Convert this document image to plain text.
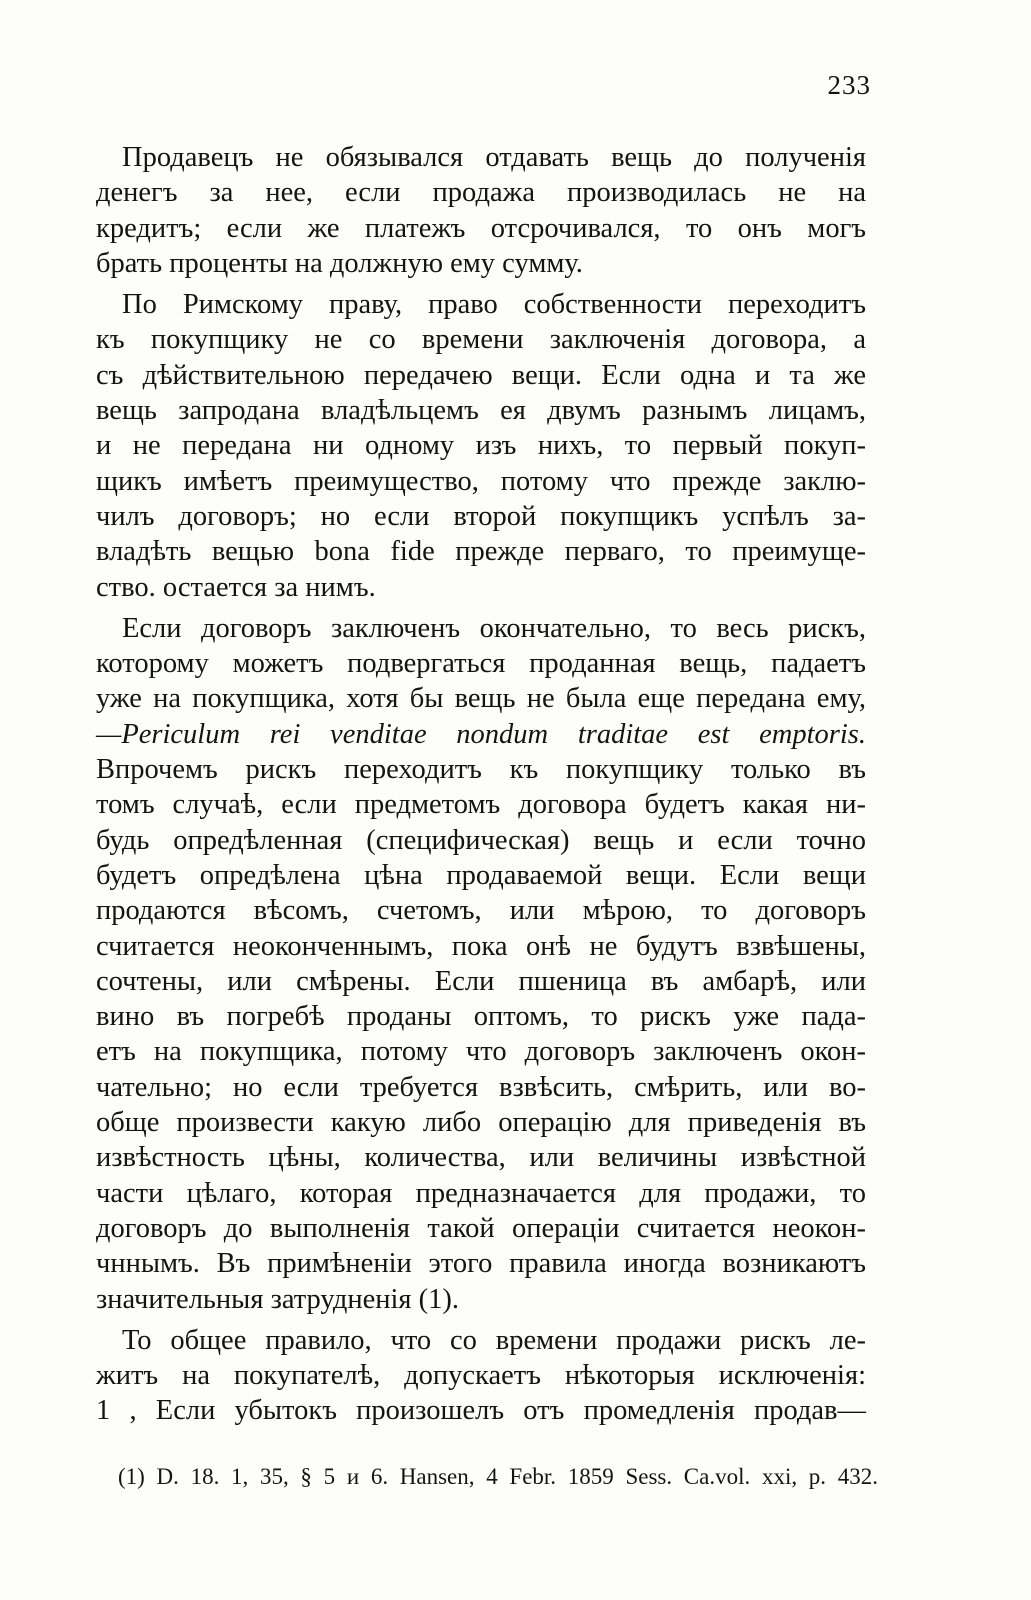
233

Продавецъ не обязывался отдавать вещь до полученія
денегъ за нее, если продажа производилась не на
кредитъ; если же платежъ отсрочивался, то онъ могъ
брать проценты на должную ему сумму.
По Римскому праву, право собственности переходитъ
къ покупщику не со времени заключенія договора, а
съ дѣйствительною передачею вещи. Если одна и та же
вещь запродана владѣльцемъ ея двумъ разнымъ лицамъ,
и не передана ни одному изъ нихъ, то первый покуп-
щикъ имѣетъ преимущество, потому что прежде заклю-
чилъ договоръ; но если второй покупщикъ успѣлъ за-
владѣть вещью bona fide прежде перваго, то преимуще-
ство. остается за нимъ.
Если договоръ заключенъ окончательно, то весь рискъ,
которому можетъ подвергаться проданная вещь, падаетъ
уже на покупщика, хотя бы вещь не была еще передана ему,
—Periculum rei venditae nondum traditae est emptoris.
Впрочемъ рискъ переходитъ къ покупщику только въ
томъ случаѣ, если предметомъ договора будетъ какая ни-
будь опредѣленная (специфическая) вещь и если точно
будетъ опредѣлена цѣна продаваемой вещи. Если вещи
продаются вѣсомъ, счетомъ, или мѣрою, то договоръ
считается неоконченнымъ, пока онѣ не будутъ взвѣшены,
сочтены, или смѣрены. Если пшеница въ амбарѣ, или
вино въ погребѣ проданы оптомъ, то рискъ уже пада-
етъ на покупщика, потому что договоръ заключенъ окон-
чательно; но если требуется взвѣсить, смѣрить, или во-
обще произвести какую либо операцію для приведенія въ
извѣстность цѣны, количества, или величины извѣстной
части цѣлаго, которая предназначается для продажи, то
договоръ до выполненія такой операціи считается неокон-
чннымъ. Въ примѣненіи этого правила иногда возникаютъ
значительныя затрудненія (1).
То общее правило, что со времени продажи рискъ ле-
житъ на покупателѣ, допускаетъ нѣкоторыя исключенія:
1 , Если убытокъ произошелъ отъ промедленія продав—

(1) D. 18. 1, 35, § 5 и 6. Hansen, 4 Febr. 1859 Sess. Ca.vol. xxi, p. 432.
